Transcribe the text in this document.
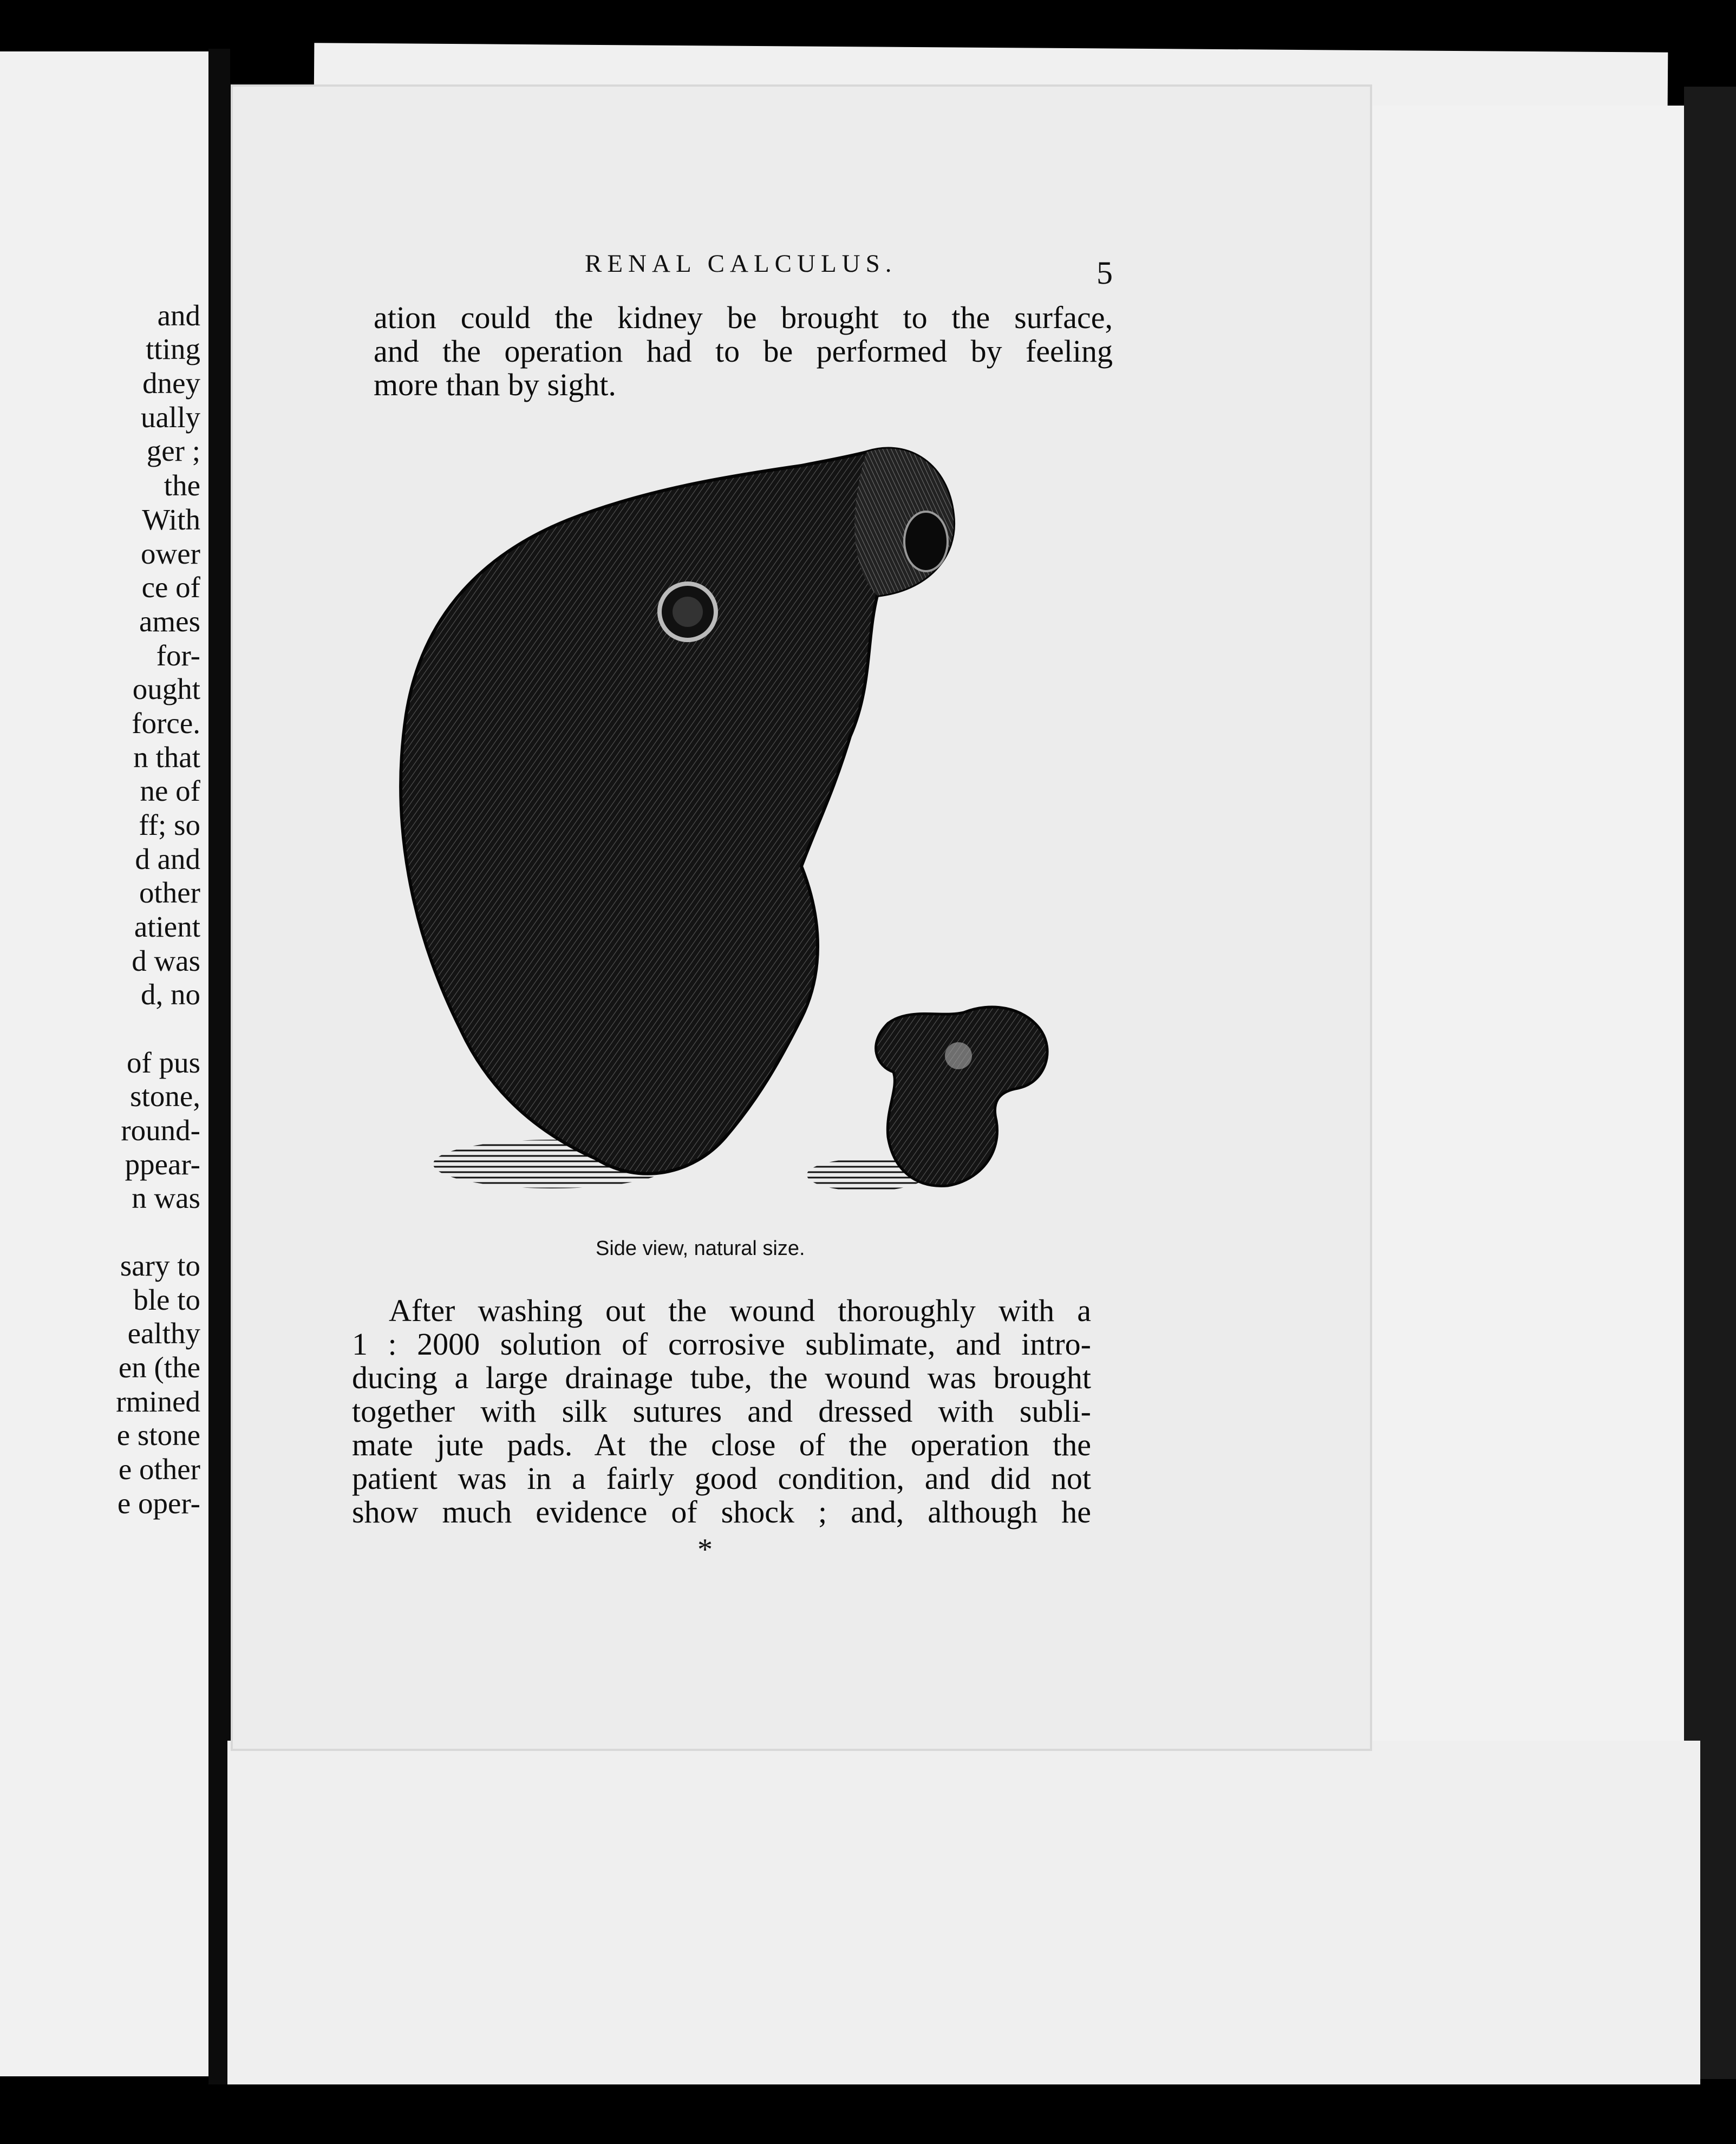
and
tting
dney
ually
ger ;
the
With
ower
ce of
ames
for-
ought
force.
n that
ne of
ff; so
d and
other
atient
d was
d, no
of pus
stone,
round-
ppear-
n was
sary to
ble to
ealthy
en (the
rmined
e stone
e other
e oper-
RENAL CALCULUS.	5
ation could the kidney be brought to the surface,
and the operation had to be performed by feeling
more than by sight.
Side view, natural size.
After washing out the wound thoroughly with a
1 : 2000 solution of corrosive sublimate, and intro-
ducing a large drainage tube, the wound was brought
together with silk sutures and dressed with subli-
mate jute pads. At the close of the operation the
patient was in a fairly good condition, and did not
show much evidence of shock ; and, although he
*
